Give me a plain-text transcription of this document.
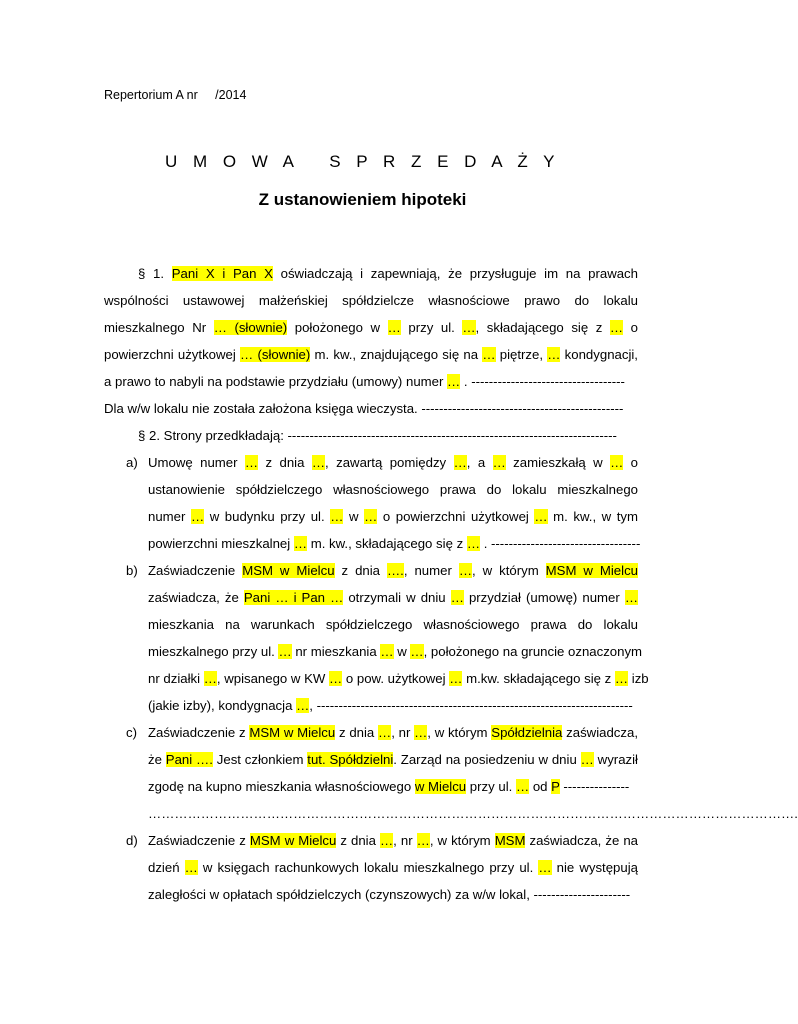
Repertorium A nr     /2014
U M O W A   S P R Z E D A Ż Y
Z ustanowieniem hipoteki
§ 1. Pani X i Pan X oświadczają i zapewniają, że przysługuje im na prawach
wspólności ustawowej małżeńskiej spółdzielcze własnościowe prawo do lokalu
mieszkalnego Nr … (słownie) położonego w … przy ul. …, składającego się z … o
powierzchni użytkowej … (słownie) m. kw., znajdującego się na … piętrze, … kondygnacji,
a prawo to nabyli na podstawie przydziału (umowy) numer … . -----------------------------------
Dla w/w lokalu nie została założona księga wieczysta. ----------------------------------------------
§ 2. Strony przedkładają: ---------------------------------------------------------------------------
a) Umowę numer … z dnia …, zawartą pomiędzy …, a … zamieszkałą w … o
ustanowienie spółdzielczego własnościowego prawa do lokalu mieszkalnego
numer … w budynku przy ul. … w … o powierzchni użytkowej … m. kw., w tym
powierzchni mieszkalnej … m. kw., składającego się z … . ----------------------------------
b) Zaświadczenie MSM w Mielcu z dnia …., numer …, w którym MSM w Mielcu
zaświadcza, że Pani … i Pan … otrzymali w dniu … przydział (umowę) numer …
mieszkania na warunkach spółdzielczego własnościowego prawa do lokalu
mieszkalnego przy ul. … nr mieszkania … w …, położonego na gruncie oznaczonym
nr działki …, wpisanego w KW … o pow. użytkowej … m.kw. składającego się z … izb
(jakie izby), kondygnacja …, ------------------------------------------------------------------------
c) Zaświadczenie z MSM w Mielcu z dnia …, nr …, w którym Spółdzielnia zaświadcza,
że Pani …. Jest członkiem tut. Spółdzielni. Zarząd na posiedzeniu w dniu … wyraził
zgodę na kupno mieszkania własnościowego w Mielcu przy ul. … od P ---------------
………………………………………………………………………………………………………………………………….
d) Zaświadczenie z MSM w Mielcu z dnia …, nr …, w którym MSM zaświadcza, że na
dzień … w księgach rachunkowych lokalu mieszkalnego przy ul. … nie występują
zaległości w opłatach spółdzielczych (czynszowych) za w/w lokal, ----------------------
